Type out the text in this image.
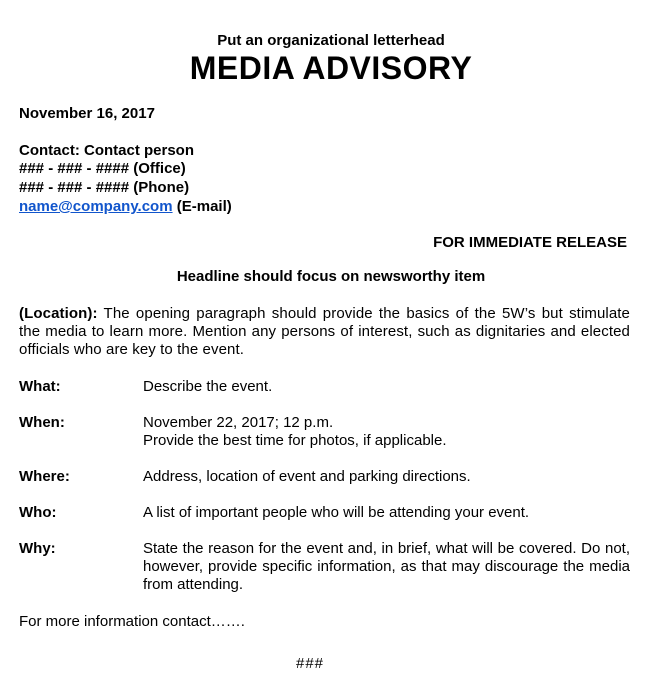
Put an organizational letterhead
MEDIA ADVISORY
November 16, 2017
Contact: Contact person
### - ### - #### (Office)
### - ### - #### (Phone)
name@company.com (E-mail)
FOR IMMEDIATE RELEASE
Headline should focus on newsworthy item
(Location): The opening paragraph should provide the basics of the 5W’s but stimulate the media to learn more. Mention any persons of interest, such as dignitaries and elected officials who are key to the event.
What:	Describe the event.
When:	November 22, 2017; 12 p.m.
Provide the best time for photos, if applicable.
Where:	Address, location of event and parking directions.
Who:	A list of important people who will be attending your event.
Why:	State the reason for the event and, in brief, what will be covered. Do not, however, provide specific information, as that may discourage the media from attending.
For more information contact…….
###
